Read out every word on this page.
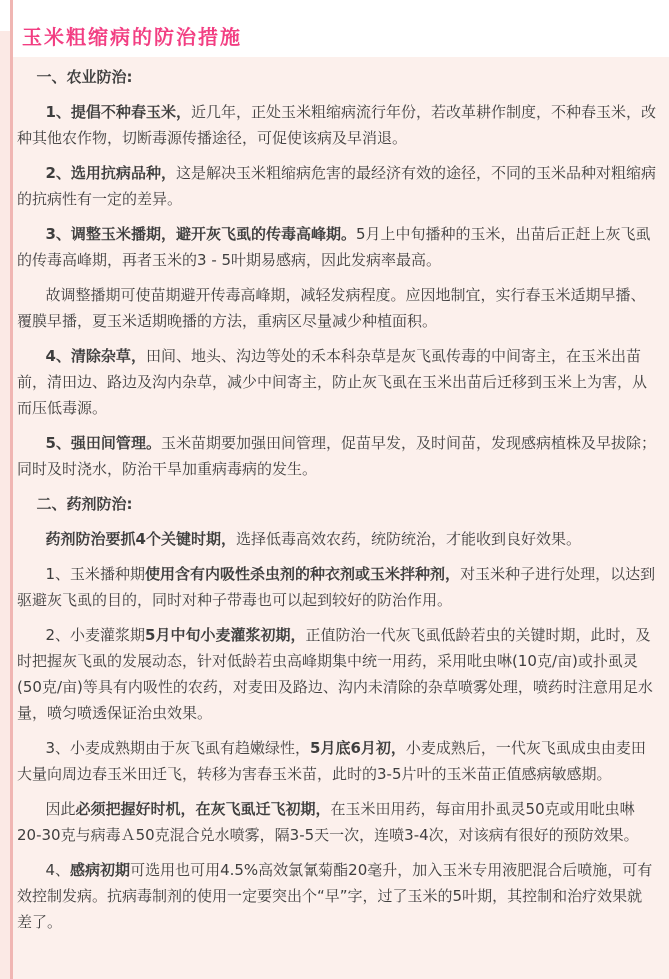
玉米粗缩病的防治措施

一、农业防治:

1、提倡不种春玉米，近几年，正处玉米粗缩病流行年份，若改革耕作制度，不种春玉米，改种其他农作物，切断毒源传播途径，可促使该病及早消退。

2、选用抗病品种，这是解决玉米粗缩病危害的最经济有效的途径，不同的玉米品种对粗缩病的抗病性有一定的差异。

3、调整玉米播期，避开灰飞虱的传毒高峰期。5月上中旬播种的玉米，出苗后正赶上灰飞虱的传毒高峰期，再者玉米的3 - 5叶期易感病，因此发病率最高。

故调整播期可使苗期避开传毒高峰期，减轻发病程度。应因地制宜，实行春玉米适期早播、覆膜早播，夏玉米适期晚播的方法，重病区尽量减少种植面积。

4、清除杂草，田间、地头、沟边等处的禾本科杂草是灰飞虱传毒的中间寄主，在玉米出苗前，清田边、路边及沟内杂草，减少中间寄主，防止灰飞虱在玉米出苗后迁移到玉米上为害，从而压低毒源。

5、强田间管理。玉米苗期要加强田间管理，促苗早发，及时间苗，发现感病植株及早拔除；同时及时浇水，防治干旱加重病毒病的发生。

二、药剂防治:

药剂防治要抓4个关键时期，选择低毒高效农药，统防统治，才能收到良好效果。

1、玉米播种期使用含有内吸性杀虫剂的种衣剂或玉米拌种剂，对玉米种子进行处理，以达到驱避灰飞虱的目的，同时对种子带毒也可以起到较好的防治作用。

2、小麦灌浆期5月中旬小麦灌浆初期，正值防治一代灰飞虱低龄若虫的关键时期，此时，及时把握灰飞虱的发展动态，针对低龄若虫高峰期集中统一用药，采用吡虫啉(10克/亩)或扑虱灵(50克/亩)等具有内吸性的农药，对麦田及路边、沟内未清除的杂草喷雾处理，喷药时注意用足水量，喷匀喷透保证治虫效果。

3、小麦成熟期由于灰飞虱有趋嫩绿性，5月底6月初，小麦成熟后，一代灰飞虱成虫由麦田大量向周边春玉米田迁飞，转移为害春玉米苗，此时的3-5片叶的玉米苗正值感病敏感期。

因此必须把握好时机，在灰飞虱迁飞初期，在玉米田用药，每亩用扑虱灵50克或用吡虫啉20-30克与病毒Ａ50克混合兑水喷雾，隔3-5天一次，连喷3-4次，对该病有很好的预防效果。

4、感病初期可选用也可用4.5%高效氯氰菊酯20毫升，加入玉米专用液肥混合后喷施，可有效控制发病。抗病毒制剂的使用一定要突出个“早”字，过了玉米的5叶期，其控制和治疗效果就差了。
